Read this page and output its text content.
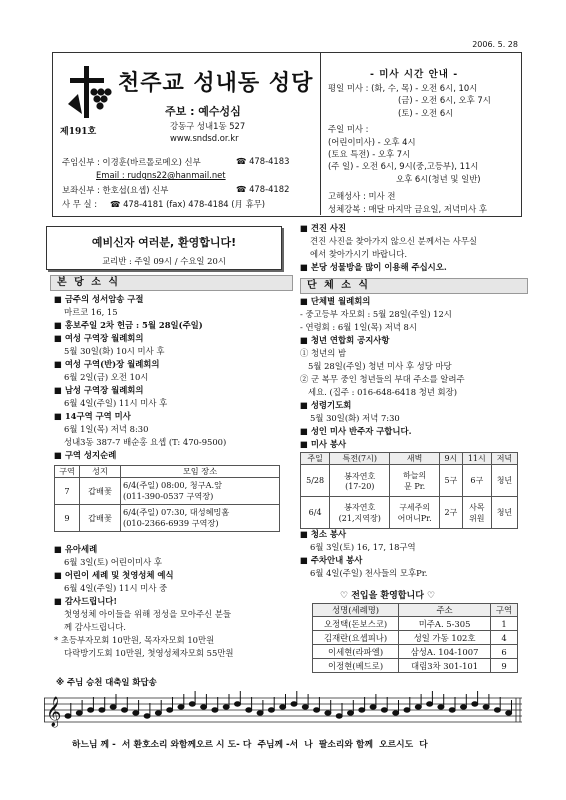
2006. 5. 28
제191호
천주교 성내동 성당
주보 : 예수성심
강동구 성내1동 527
www.sndsd.or.kr
주임신부 : 이경훈(바르톨로메오) 신부	☎ 478-4183
Email : rudgns22@hanmail.net
보좌신부 : 한호섭(요셉) 신부	☎ 478-4182
사 무 실 : ☎ 478-4181 (fax) 478-4184 (月 휴무)
- 미사 시간 안내 -
평일 미사 : (화, 수, 목) - 오전 6시, 10시
(금) - 오전 6시, 오후 7시
(토) - 오전 6시
주일 미사 :
(어린이미사) - 오후 4시
(토요 특전) - 오후 7시
(주 일) - 오전 6시, 9시(중,고등부), 11시
오후 6시(청년 및 일반)
고해성사 : 미사 전
성체강복 : 매달 마지막 금요일, 저녁미사 후
예비신자 여러분, 환영합니다!
교리반 : 주일 09시 / 수요일 20시
본 당 소 식
■ 금주의 성서암송 구절
마르코 16, 15
■ 홍보주일 2차 헌금 : 5월 28일(주일)
■ 여성 구역장 월례회의
5월 30일(화) 10시 미사 후
■ 여성 구역(반)장 월례회의
6월 2일(금) 오전 10시
■ 남성 구역장 월례회의
6월 4일(주일) 11시 미사 후
■ 14구역 구역 미사
6월 1일(목) 저녁 8:30
성내3동 387-7 배순홍 요셉 (T: 470-9500)
■ 구역 성지순례
구역	성지	모임 장소
7	갑배꽃	6/4(주일) 08:00, 청구A.앞
(011-390-0537 구역장)

9	갑배꽃	6/4(주일) 07:30, 대성혜밍홈
(010-2366-6939 구역장)
■ 유아세례
6월 3일(토) 어린이미사 후
■ 어린이 세례 및 첫영성체 예식
6월 4일(주일) 11시 미사 중
■ 감사드립니다!
첫영성체 아이들을 위해 정성을 모아주신 분들
께 감사드립니다.
* 초등부자모회 10만원, 목자자모회 10만원
다락방기도회 10만원, 첫영성체자모회 55만원
■ 견진 사진
견진 사진을 찾아가지 않으신 분께서는 사무실
에서 찾아가시기 바랍니다.
■ 본당 성물방을 많이 이용해 주십시오.
단 체 소 식
■ 단체별 월례회의
- 중고등부 자모회 : 5월 28일(주일) 12시
- 연령회 : 6월 1일(목) 저녁 8시
■ 청년 연합회 공지사항
① 청년의 밤
5월 28일(주일) 청년 미사 후 성당 마당
② 군 복무 중인 청년들의 부대 주소를 알려주
세요. (집주 : 016-648-6418 청년 회장)
■ 성령기도회
5월 30일(화) 저녁 7:30
■ 성인 미사 반주자 구합니다.
■ 미사 봉사
주일	특전(7시)	새벽	9시	11시	저녁
5/28	봉자연호
(17-20)	하늘의
문 Pr.	5구	6구	청년
6/4	봉자연호
(21,지역장)	구세주의
어머니Pr.	2구	사목
위원	청년
■ 청소 봉사
6월 3일(토) 16, 17, 18구역
■ 주차안내 봉사
6월 4일(주일) 천사들의 모후Pr.
♡ 전입을 환영합니다 ♡
성명(세례명)	주소	구역
오정택(돈보스코)	미주A. 5-305	1
김재란(요셉피나)	성일 가동 102호	4
이세현(라파엘)	삼성A. 104-1007	6
이정현(베드로)	대림3차 301-101	9
※ 주님 승천 대축일 화답송
𝄞
하느님 께 -  서 환호소리 와함께오르 시 도- 다  주님께 -서  나  팔소리와 함께  오르시도  다
